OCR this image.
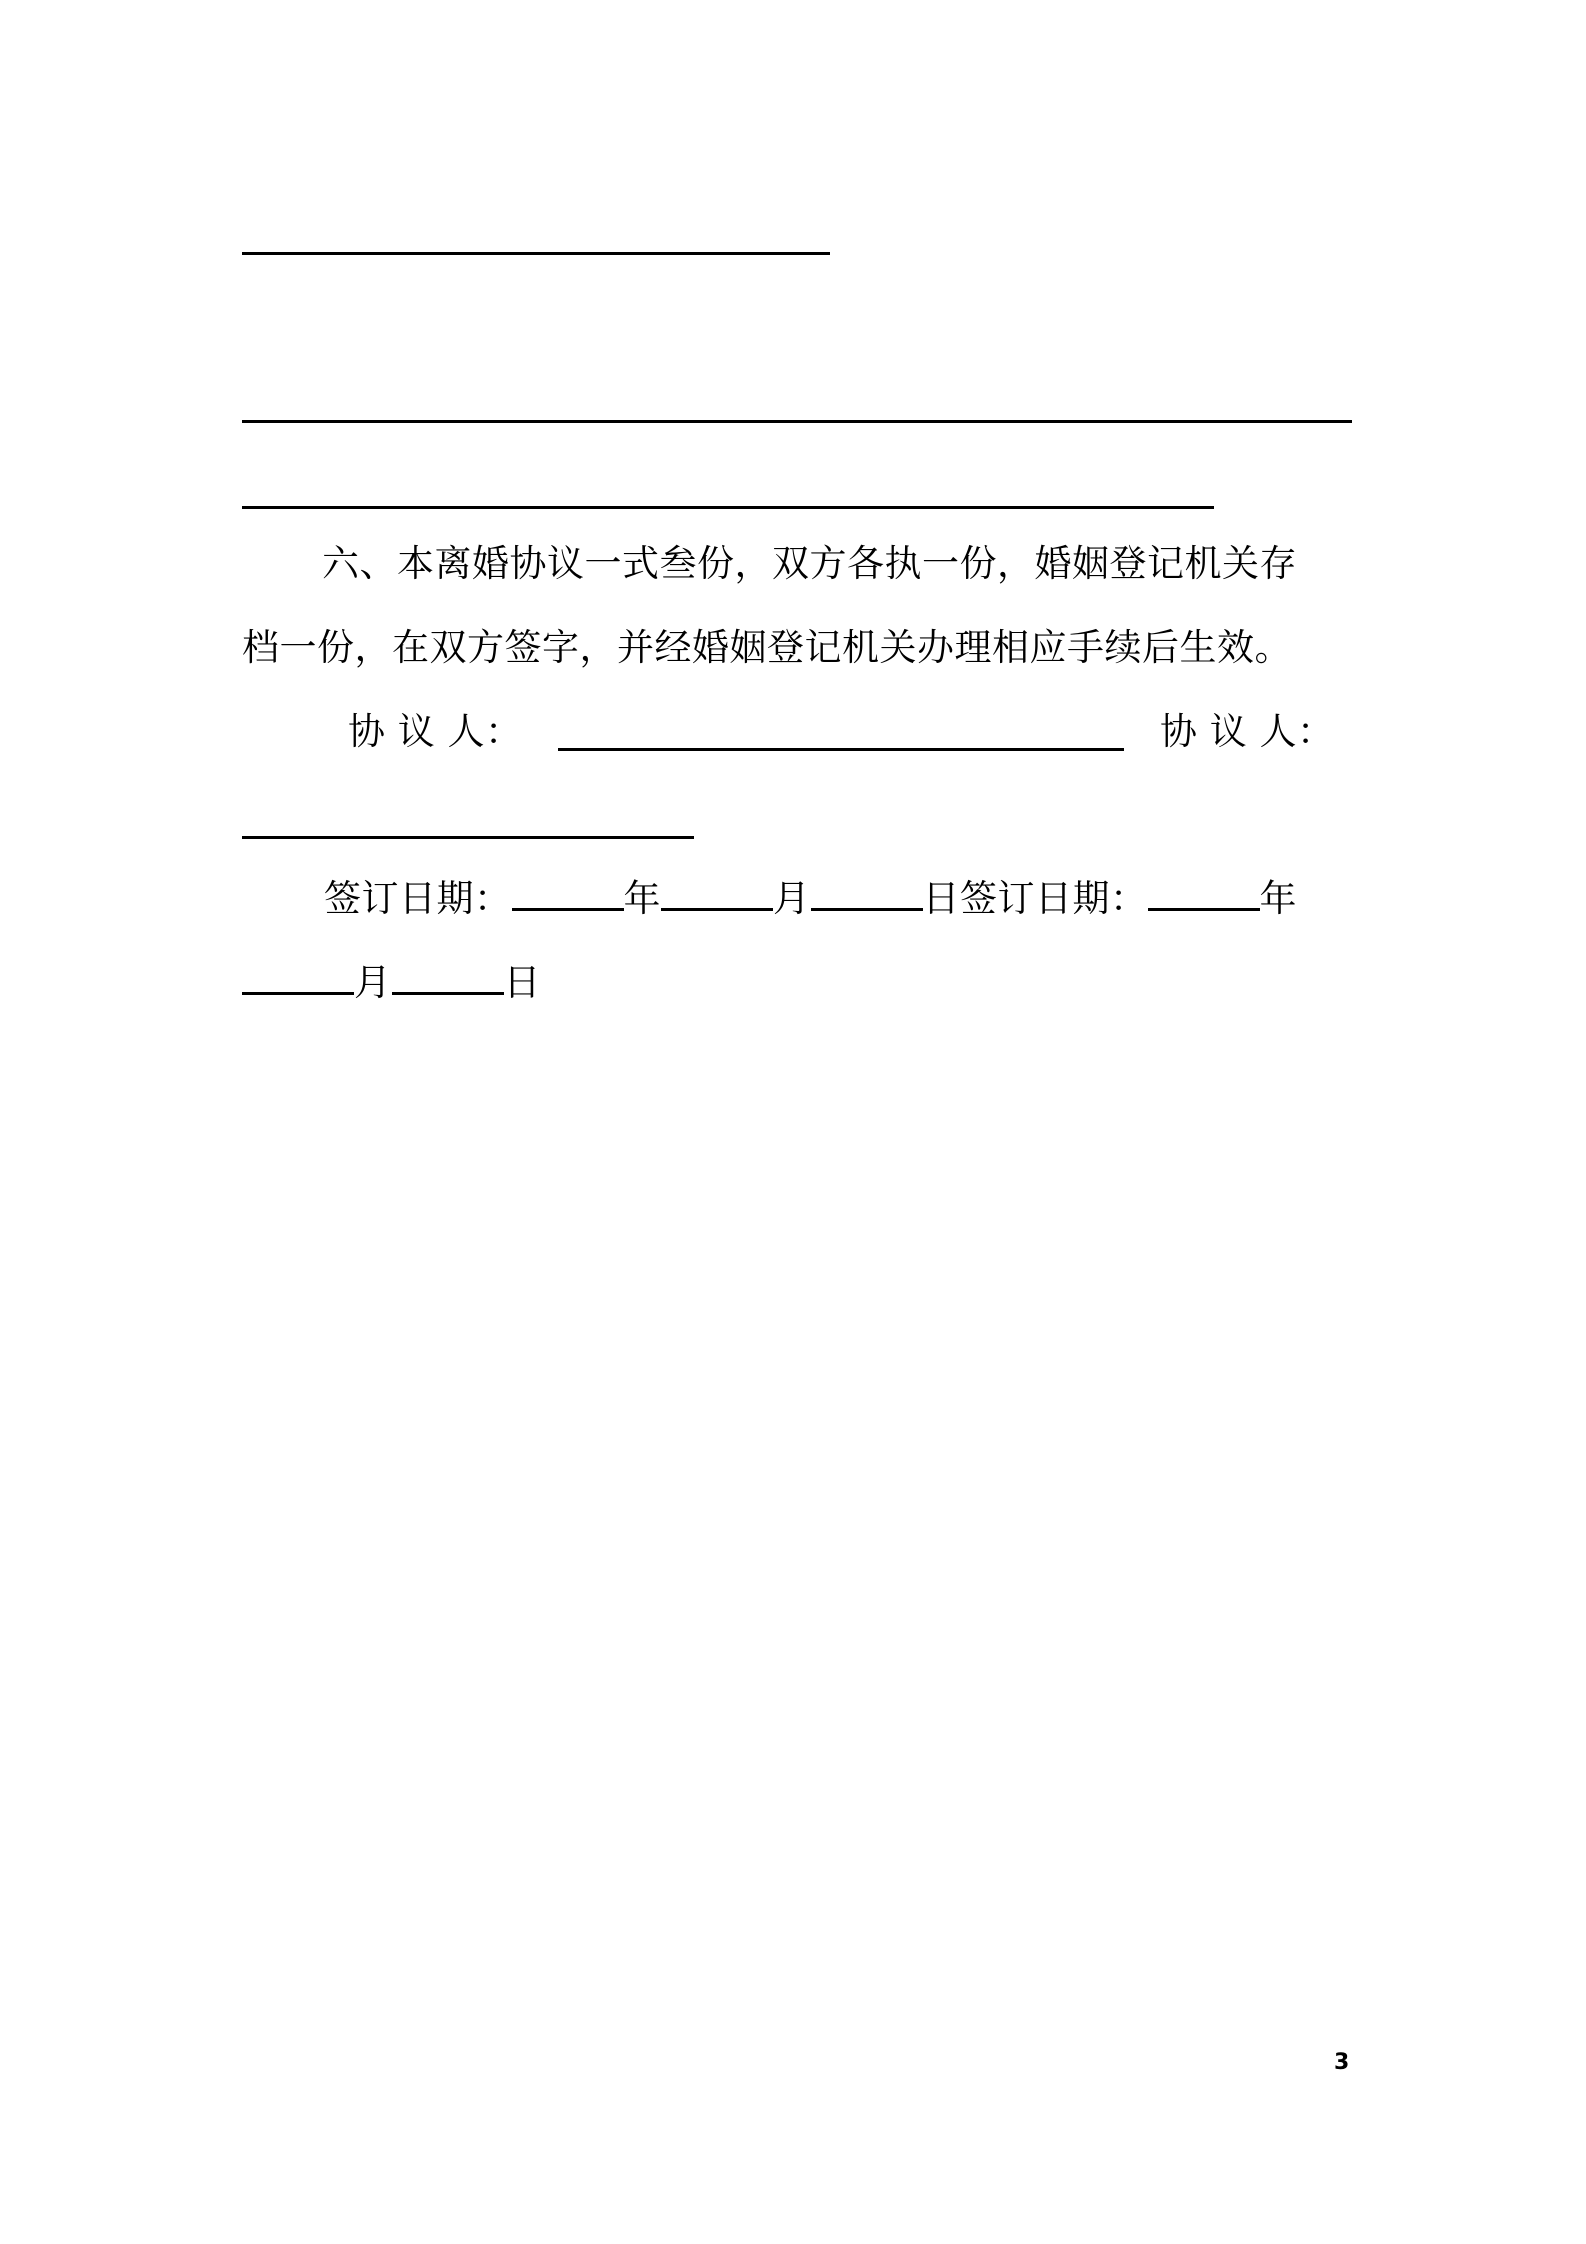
六、本离婚协议一式叁份，双方各执一份，婚姻登记机关存
档一份，在双方签字，并经婚姻登记机关办理相应手续后生效。
协 议 人：	协 议 人：
签订日期：	年	月	日签订日期：	年
月	日
3
